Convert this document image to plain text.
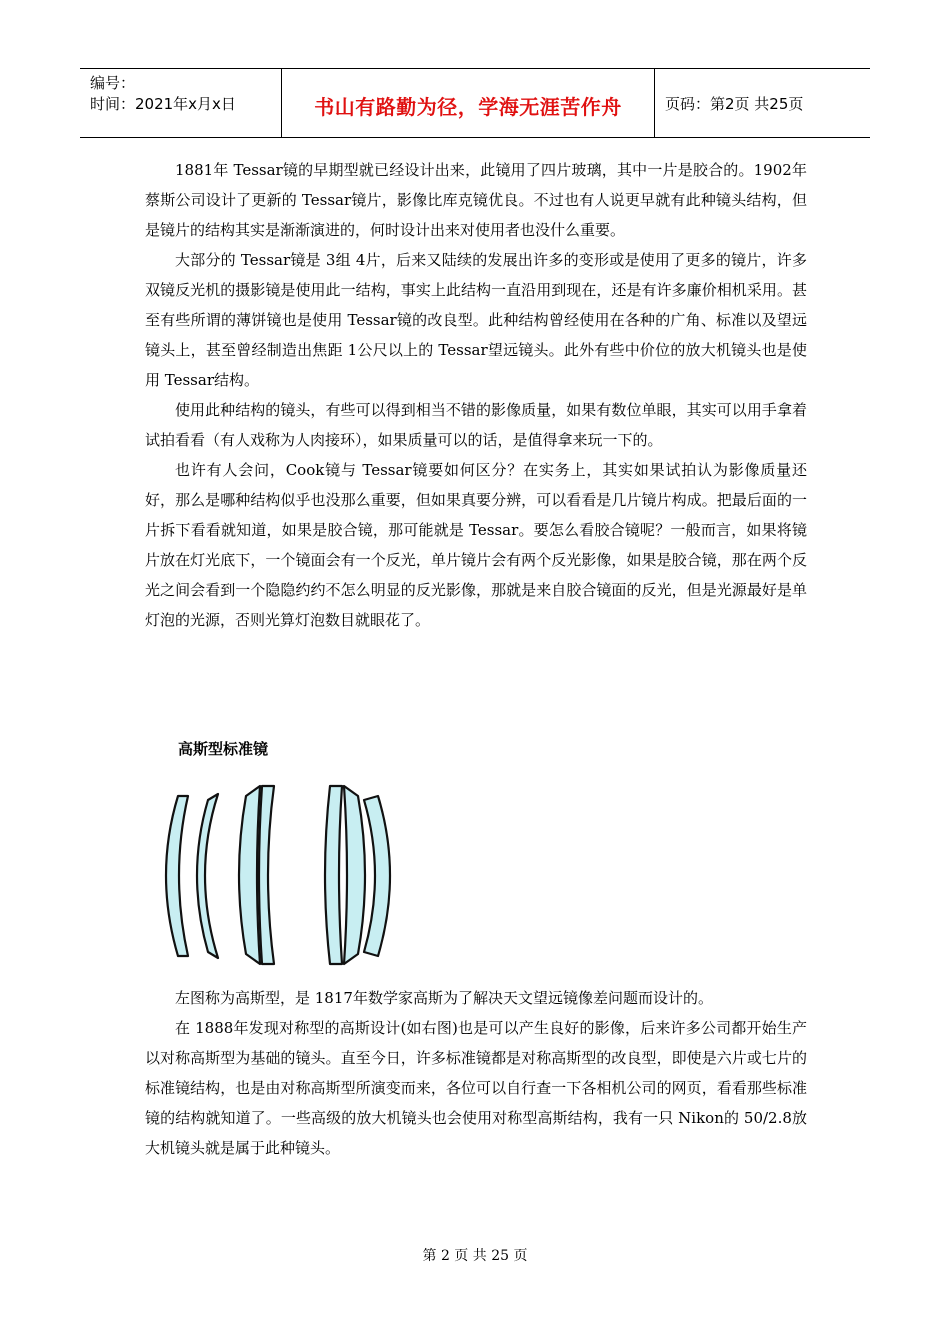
编号：
时间：2021年x月x日	书山有路勤为径，学海无涯苦作舟	页码：第2页 共25页

1881年 Tessar镜的早期型就已经设计出来，此镜用了四片玻璃，其中一片是胶合的。1902年蔡斯公司设计了更新的 Tessar镜片，影像比库克镜优良。不过也有人说更早就有此种镜头结构，但是镜片的结构其实是渐渐演进的，何时设计出来对使用者也没什么重要。

大部分的 Tessar镜是 3组 4片，后来又陆续的发展出许多的变形或是使用了更多的镜片，许多双镜反光机的摄影镜是使用此一结构，事实上此结构一直沿用到现在，还是有许多廉价相机采用。甚至有些所谓的薄饼镜也是使用 Tessar镜的改良型。此种结构曾经使用在各种的广角、标准以及望远镜头上，甚至曾经制造出焦距 1公尺以上的 Tessar望远镜头。此外有些中价位的放大机镜头也是使用 Tessar结构。

使用此种结构的镜头，有些可以得到相当不错的影像质量，如果有数位单眼，其实可以用手拿着试拍看看（有人戏称为人肉接环），如果质量可以的话，是值得拿来玩一下的。

也许有人会问，Cook镜与 Tessar镜要如何区分？在实务上，其实如果试拍认为影像质量还好，那么是哪种结构似乎也没那么重要，但如果真要分辨，可以看看是几片镜片构成。把最后面的一片拆下看看就知道，如果是胶合镜，那可能就是 Tessar。要怎么看胶合镜呢？一般而言，如果将镜片放在灯光底下，一个镜面会有一个反光，单片镜片会有两个反光影像，如果是胶合镜，那在两个反光之间会看到一个隐隐约约不怎么明显的反光影像，那就是来自胶合镜面的反光，但是光源最好是单灯泡的光源，否则光算灯泡数目就眼花了。

高斯型标准镜

左图称为高斯型，是 1817年数学家高斯为了解决天文望远镜像差问题而设计的。

在 1888年发现对称型的高斯设计(如右图)也是可以产生良好的影像，后来许多公司都开始生产以对称高斯型为基础的镜头。直至今日，许多标准镜都是对称高斯型的改良型，即使是六片或七片的标准镜结构，也是由对称高斯型所演变而来，各位可以自行查一下各相机公司的网页，看看那些标准镜的结构就知道了。一些高级的放大机镜头也会使用对称型高斯结构，我有一只 Nikon的 50/2.8放大机镜头就是属于此种镜头。

第 2 页 共 25 页
